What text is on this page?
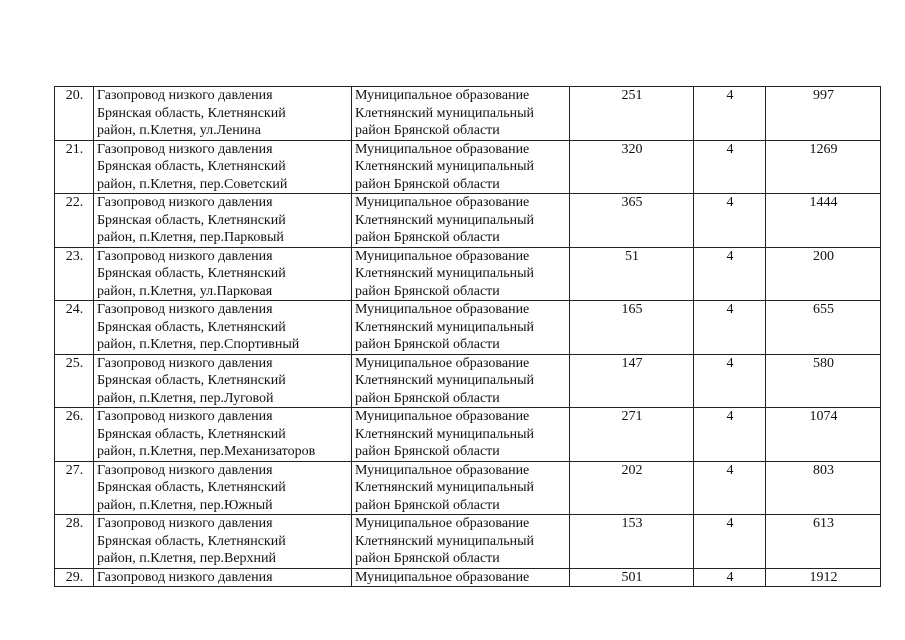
20.	Газопровод низкого давления
Брянская область, Клетнянский
район, п.Клетня, ул.Ленина	Муниципальное образование
Клетнянский муниципальный
район Брянской области	251	4	997
21.	Газопровод низкого давления
Брянская область, Клетнянский
район, п.Клетня, пер.Советский	Муниципальное образование
Клетнянский муниципальный
район Брянской области	320	4	1269
22.	Газопровод низкого давления
Брянская область, Клетнянский
район, п.Клетня, пер.Парковый	Муниципальное образование
Клетнянский муниципальный
район Брянской области	365	4	1444
23.	Газопровод низкого давления
Брянская область, Клетнянский
район, п.Клетня, ул.Парковая	Муниципальное образование
Клетнянский муниципальный
район Брянской области	51	4	200
24.	Газопровод низкого давления
Брянская область, Клетнянский
район, п.Клетня, пер.Спортивный	Муниципальное образование
Клетнянский муниципальный
район Брянской области	165	4	655
25.	Газопровод низкого давления
Брянская область, Клетнянский
район, п.Клетня, пер.Луговой	Муниципальное образование
Клетнянский муниципальный
район Брянской области	147	4	580
26.	Газопровод низкого давления
Брянская область, Клетнянский
район, п.Клетня, пер.Механизаторов	Муниципальное образование
Клетнянский муниципальный
район Брянской области	271	4	1074
27.	Газопровод низкого давления
Брянская область, Клетнянский
район, п.Клетня, пер.Южный	Муниципальное образование
Клетнянский муниципальный
район Брянской области	202	4	803
28.	Газопровод низкого давления
Брянская область, Клетнянский
район, п.Клетня, пер.Верхний	Муниципальное образование
Клетнянский муниципальный
район Брянской области	153	4	613
29.	Газопровод низкого давления	Муниципальное образование	501	4	1912
